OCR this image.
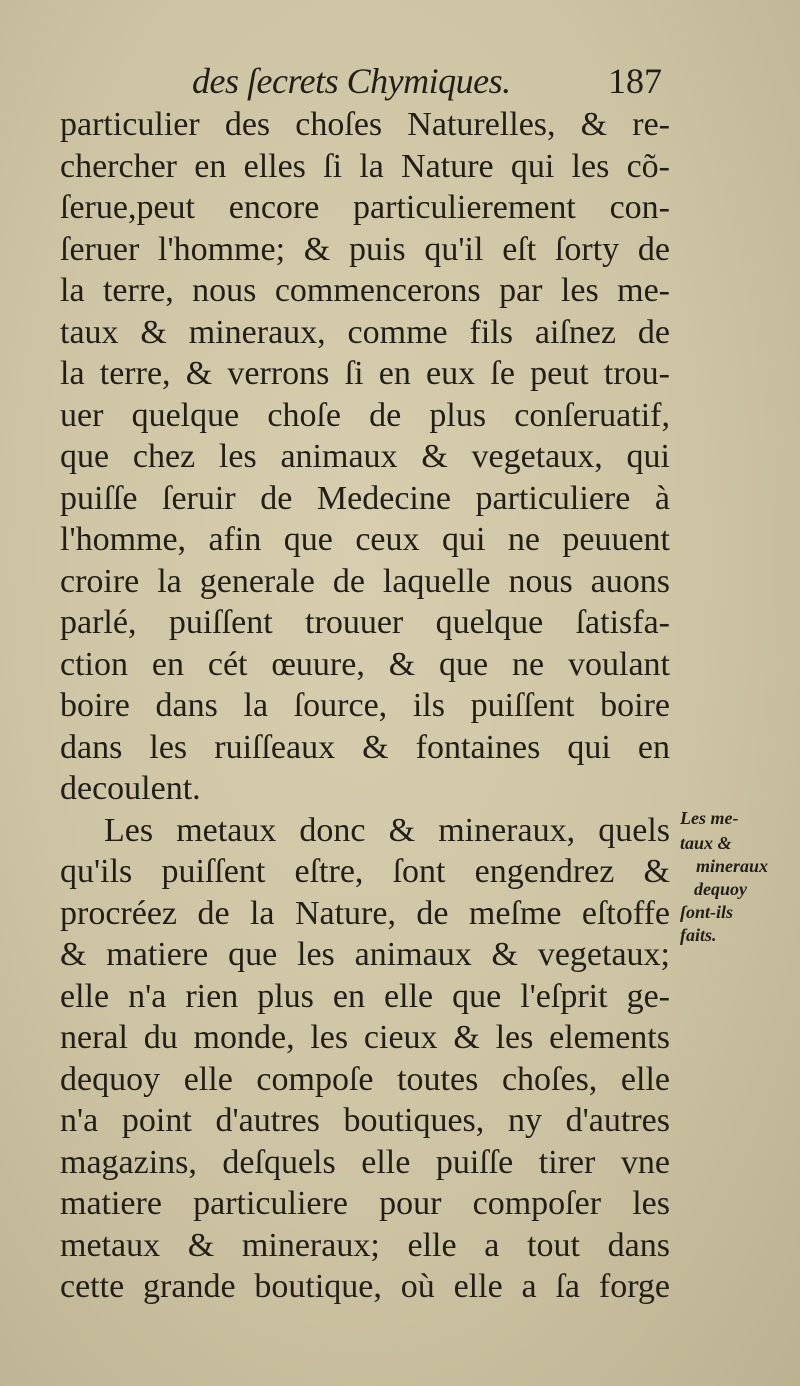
des ſecrets Chymiques.	187
particulier des choſes Naturelles, & re-
chercher en elles ſi la Nature qui les cõ-
ſerue,peut encore particulierement con-
ſeruer l'homme; & puis qu'il eſt ſorty de
la terre, nous commencerons par les me-
taux & mineraux, comme fils aiſnez de
la terre, & verrons ſi en eux ſe peut trou-
uer quelque choſe de plus conſeruatif,
que chez les animaux & vegetaux, qui
puiſſe ſeruir de Medecine particuliere à
l'homme, afin que ceux qui ne peuuent
croire la generale de laquelle nous auons
parlé, puiſſent trouuer quelque ſatisfa-
ction en cét œuure, & que ne voulant
boire dans la ſource, ils puiſſent boire
dans les ruiſſeaux & fontaines qui en
decoulent.
Les metaux donc & mineraux, quels
qu'ils puiſſent eſtre, ſont engendrez &
procréez de la Nature, de meſme eſtoffe
& matiere que les animaux & vegetaux;
elle n'a rien plus en elle que l'eſprit ge-
neral du monde, les cieux & les elements
dequoy elle compoſe toutes choſes, elle
n'a point d'autres boutiques, ny d'autres
magazins, deſquels elle puiſſe tirer vne
matiere particuliere pour compoſer les
metaux & mineraux; elle a tout dans
cette grande boutique, où elle a ſa forge
Les me-
taux &
mineraux
dequoy
ſont-ils
faits.
